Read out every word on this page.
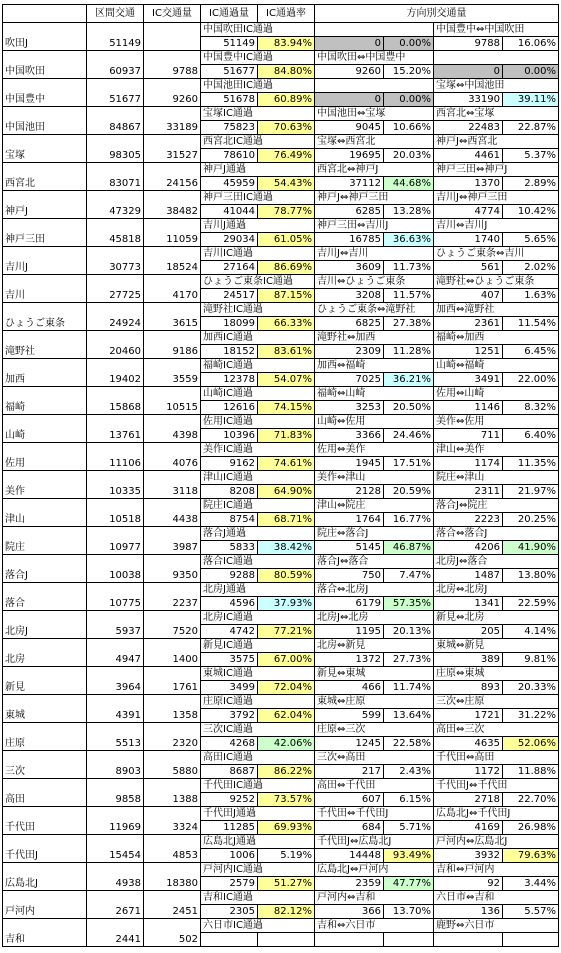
	区間交通	IC交通量	IC通過量	IC通過率	方向別交通量
			中国吹田IC通過				中国豊中⇔中国吹田	
吹田J	51149		51149	83.94%	0	0.00%	9788	16.06%
			中国豊中IC通過		中国吹田⇔中国豊中			
中国吹田	60937	9788	51677	84.80%	9260	15.20%	0	0.00%
			中国池田IC通過				宝塚⇔中国池田	
中国豊中	51677	9260	51678	60.89%	0	0.00%	33190	39.11%
			宝塚IC通過		中国池田⇔宝塚		西宮北⇔宝塚	
中国池田	84867	33189	75823	70.63%	9045	10.66%	22483	22.87%
			西宮北IC通過		宝塚⇔西宮北		神戸J⇔西宮北	
宝塚	98305	31527	78610	76.49%	19695	20.03%	4461	5.37%
			神戸J通過		西宮北⇔神戸J		神戸三田⇔神戸J	
西宮北	83071	24156	45959	54.43%	37112	44.68%	1370	2.89%
			神戸三田IC通過		神戸J⇔神戸三田		吉川J⇔神戸三田	
神戸J	47329	38482	41044	78.77%	6285	13.28%	4774	10.42%
			吉川J通過		神戸三田⇔吉川J		吉川⇔吉川J	
神戸三田	45818	11059	29034	61.05%	16785	36.63%	1740	5.65%
			吉川IC通過		吉川J⇔吉川		ひょうご東条⇔吉川	
吉川J	30773	18524	27164	86.69%	3609	11.73%	561	2.02%
			ひょうご東条IC通過		吉川⇔ひょうご東条		滝野社⇔ひょうご東条	
吉川	27725	4170	24517	87.15%	3208	11.57%	407	1.63%
			滝野社IC通過		ひょうご東条⇔滝野社		加西⇔滝野社	
ひょうご東条	24924	3615	18099	66.33%	6825	27.38%	2361	11.54%
			加西IC通過		滝野社⇔加西		福崎⇔加西	
滝野社	20460	9186	18152	83.61%	2309	11.28%	1251	6.45%
			福崎IC通過		加西⇔福崎		山崎⇔福崎	
加西	19402	3559	12378	54.07%	7025	36.21%	3491	22.00%
			山崎IC通過		福崎⇔山崎		佐用⇔山崎	
福崎	15868	10515	12616	74.15%	3253	20.50%	1146	8.32%
			佐用IC通過		山崎⇔佐用		美作⇔佐用	
山崎	13761	4398	10396	71.83%	3366	24.46%	711	6.40%
			美作IC通過		佐用⇔美作		津山⇔美作	
佐用	11106	4076	9162	74.61%	1945	17.51%	1174	11.35%
			津山IC通過		美作⇔津山		院庄⇔津山	
美作	10335	3118	8208	64.90%	2128	20.59%	2311	21.97%
			院庄IC通過		津山⇔院庄		落合J⇔院庄	
津山	10518	4438	8754	68.71%	1764	16.77%	2223	20.25%
			落合J通過		院庄⇔落合J		落合⇔落合J	
院庄	10977	3987	5833	38.42%	5145	46.87%	4206	41.90%
			落合IC通過		落合J⇔落合		北房J⇔落合	
落合J	10038	9350	9288	80.59%	750	7.47%	1487	13.80%
			北房J通過		落合⇔北房J		北房⇔北房J	
落合	10775	2237	4596	37.93%	6179	57.35%	1341	22.59%
			北房IC通過		北房J⇔北房		新見⇔北房	
北房J	5937	7520	4742	77.21%	1195	20.13%	205	4.14%
			新見IC通過		北房⇔新見		東城⇔新見	
北房	4947	1400	3575	67.00%	1372	27.73%	389	9.81%
			東城IC通過		新見⇔東城		庄原⇔東城	
新見	3964	1761	3499	72.04%	466	11.74%	893	20.33%
			庄原IC通過		東城⇔庄原		三次⇔庄原	
東城	4391	1358	3792	62.04%	599	13.64%	1721	31.22%
			三次IC通過		庄原⇔三次		高田⇔三次	
庄原	5513	2320	4268	42.06%	1245	22.58%	4635	52.06%
			高田IC通過		三次⇔高田		千代田⇔高田	
三次	8903	5880	8687	86.22%	217	2.43%	1172	11.88%
			千代田IC通過		高田⇔千代田		千代田J⇔千代田	
高田	9858	1388	9252	73.57%	607	6.15%	2718	22.70%
			千代田J通過		千代田⇔千代田J		広島北J⇔千代田J	
千代田	11969	3324	11285	69.93%	684	5.71%	4169	26.98%
			広島北J通過		千代田J⇔広島北J		戸河内⇔広島北J	
千代田J	15454	4853	1006	5.19%	14448	93.49%	3932	79.63%
			戸河内IC通過		広島北J⇔戸河内		吉和⇔戸河内	
広島北J	4938	18380	2579	51.27%	2359	47.77%	92	3.44%
			吉和IC通過		戸河内⇔吉和		六日市⇔吉和	
戸河内	2671	2451	2305	82.12%	366	13.70%	136	5.57%
			六日市IC通過		吉和⇔六日市		鹿野⇔六日市	
吉和	2441	502						
